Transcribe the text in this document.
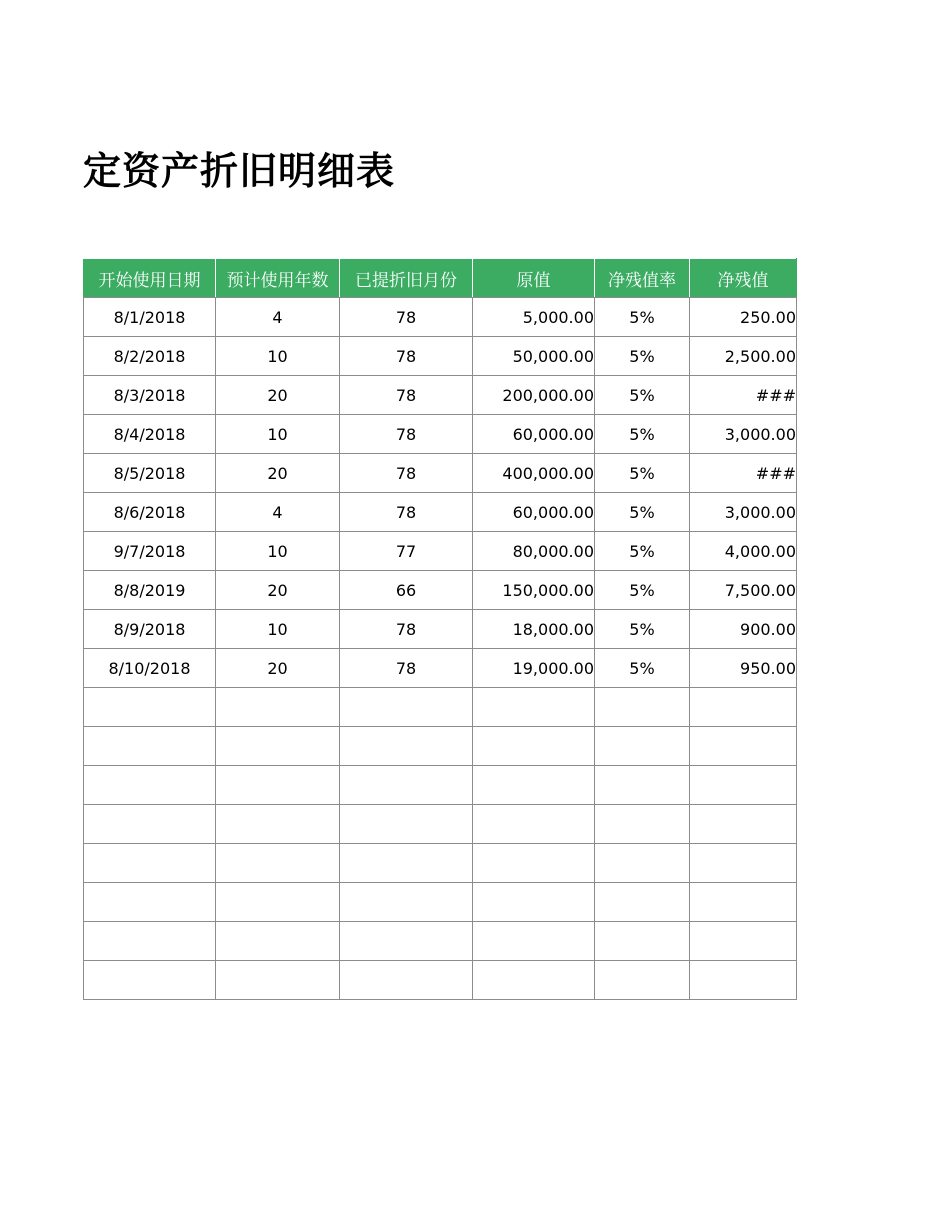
定资产折旧明细表
开始使用日期	预计使用年数	已提折旧月份	原值	净残值率	净残值
8/1/2018	4	78	5,000.00	5%	250.00
8/2/2018	10	78	50,000.00	5%	2,500.00
8/3/2018	20	78	200,000.00	5%	###
8/4/2018	10	78	60,000.00	5%	3,000.00
8/5/2018	20	78	400,000.00	5%	###
8/6/2018	4	78	60,000.00	5%	3,000.00
9/7/2018	10	77	80,000.00	5%	4,000.00
8/8/2019	20	66	150,000.00	5%	7,500.00
8/9/2018	10	78	18,000.00	5%	900.00
8/10/2018	20	78	19,000.00	5%	950.00
